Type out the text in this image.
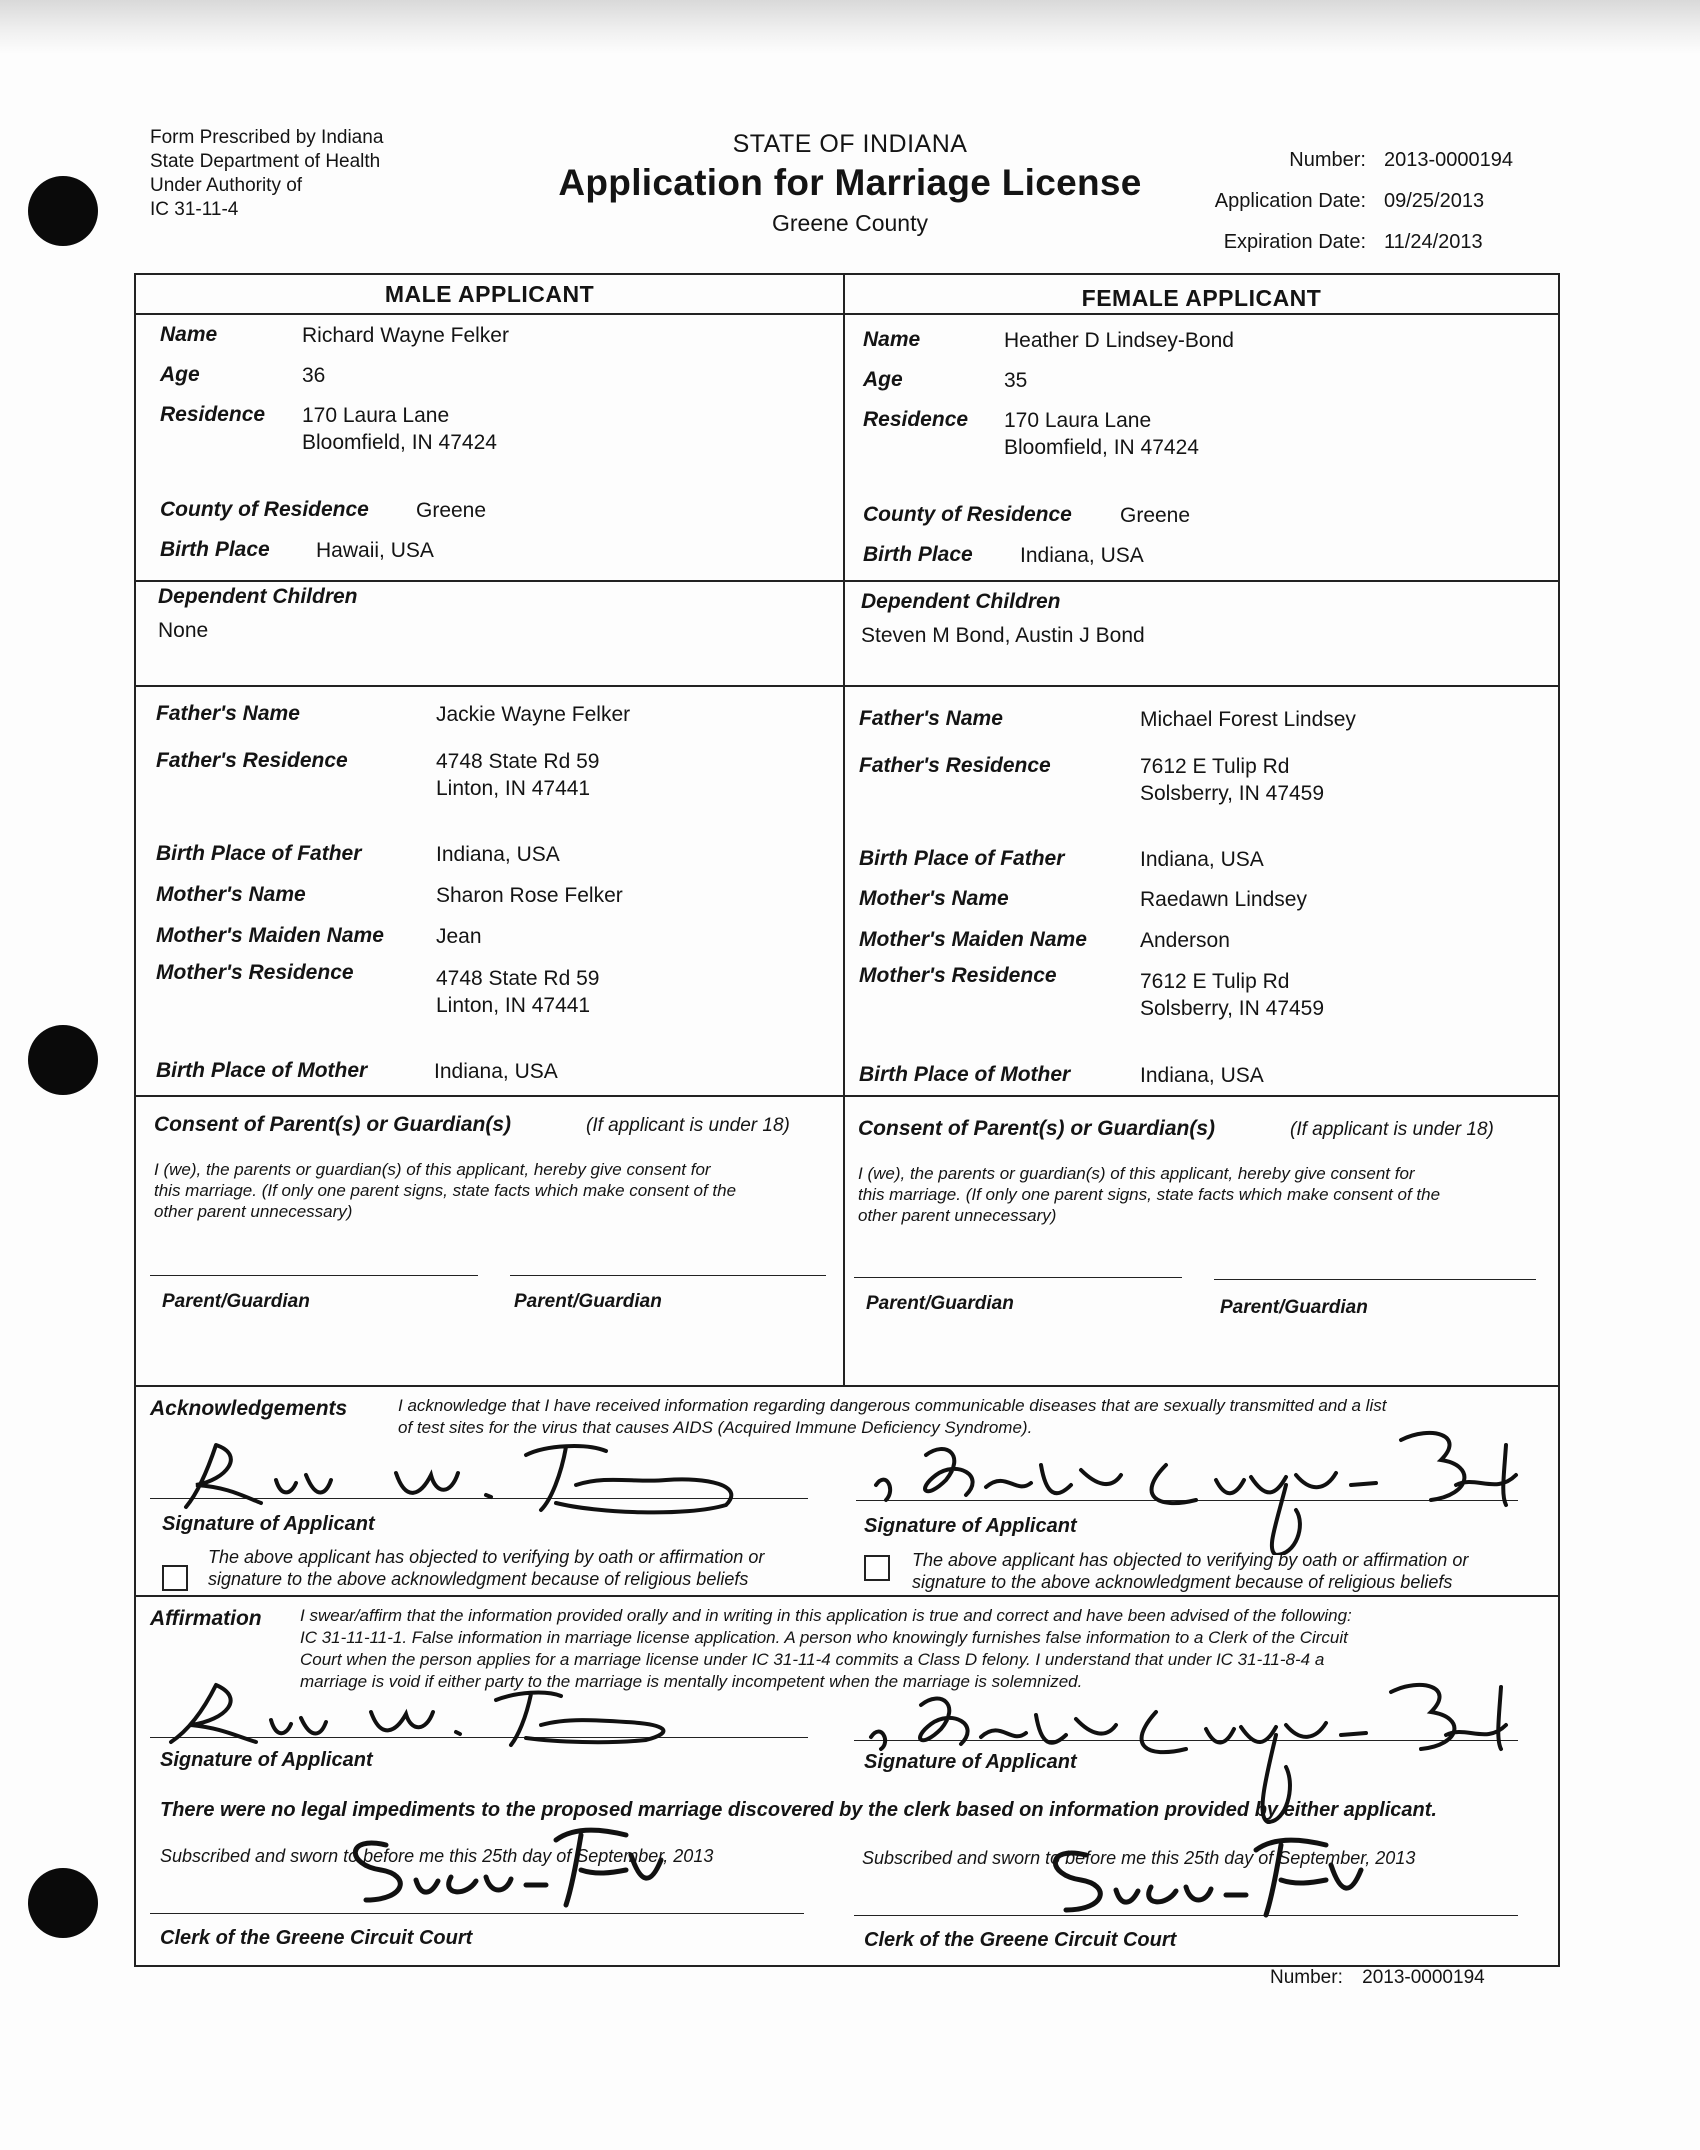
Form Prescribed by Indiana
State Department of Health
Under Authority of
IC 31-11-4
STATE OF INDIANA
Application for Marriage License
Greene County
Number: 2013-0000194
Application Date: 09/25/2013
Expiration Date: 11/24/2013
MALE APPLICANT	FEMALE APPLICANT
Name	Richard Wayne Felker
Age	36
Residence 170 Laura Lane
Bloomfield, IN 47424
County of Residence Greene
Birth Place Hawaii, USA
Name	Heather D Lindsey-Bond
Age	35
Residence 170 Laura Lane
Bloomfield, IN 47424
County of Residence Greene
Birth Place Indiana, USA
Dependent Children
None
Dependent Children
Steven M Bond, Austin J Bond
Father's Name	Jackie Wayne Felker
Father's Residence	4748 State Rd 59
Linton, IN 47441
Birth Place of Father	Indiana, USA
Mother's Name	Sharon Rose Felker
Mother's Maiden Name Jean
Mother's Residence	4748 State Rd 59
Linton, IN 47441
Birth Place of Mother	Indiana, USA
Father's Name	Michael Forest Lindsey
Father's Residence	7612 E Tulip Rd
Solsberry, IN 47459
Birth Place of Father	Indiana, USA
Mother's Name	Raedawn Lindsey
Mother's Maiden Name	Anderson
Mother's Residence	7612 E Tulip Rd
Solsberry, IN 47459
Birth Place of Mother	Indiana, USA
Consent of Parent(s) or Guardian(s)	(If applicant is under 18)
I (we), the parents or guardian(s) of this applicant, hereby give consent for
this marriage. (If only one parent signs, state facts which make consent of the
other parent unnecessary)
Parent/Guardian	Parent/Guardian
Consent of Parent(s) or Guardian(s)	(If applicant is under 18)
I (we), the parents or guardian(s) of this applicant, hereby give consent for
this marriage. (If only one parent signs, state facts which make consent of the
other parent unnecessary)
Parent/Guardian	Parent/Guardian
Acknowledgements	I acknowledge that I have received information regarding dangerous communicable diseases that are sexually transmitted and a list
of test sites for the virus that causes AIDS (Acquired Immune Deficiency Syndrome).
Signature of Applicant	Signature of Applicant
The above applicant has objected to verifying by oath or affirmation or
signature to the above acknowledgment because of religious beliefs
The above applicant has objected to verifying by oath or affirmation or
signature to the above acknowledgment because of religious beliefs
Affirmation I swear/affirm that the information provided orally and in writing in this application is true and correct and have been advised of the following:
IC 31-11-11-1. False information in marriage license application. A person who knowingly furnishes false information to a Clerk of the Circuit
Court when the person applies for a marriage license under IC 31-11-4 commits a Class D felony. I understand that under IC 31-11-8-4 a
marriage is void if either party to the marriage is mentally incompetent when the marriage is solemnized.
Signature of Applicant	Signature of Applicant
There were no legal impediments to the proposed marriage discovered by the clerk based on information provided by either applicant.
Subscribed and sworn to before me this 25th day of September, 2013	Subscribed and sworn to before me this 25th day of September, 2013
Clerk of the Greene Circuit Court	Clerk of the Greene Circuit Court
Number: 2013-0000194
